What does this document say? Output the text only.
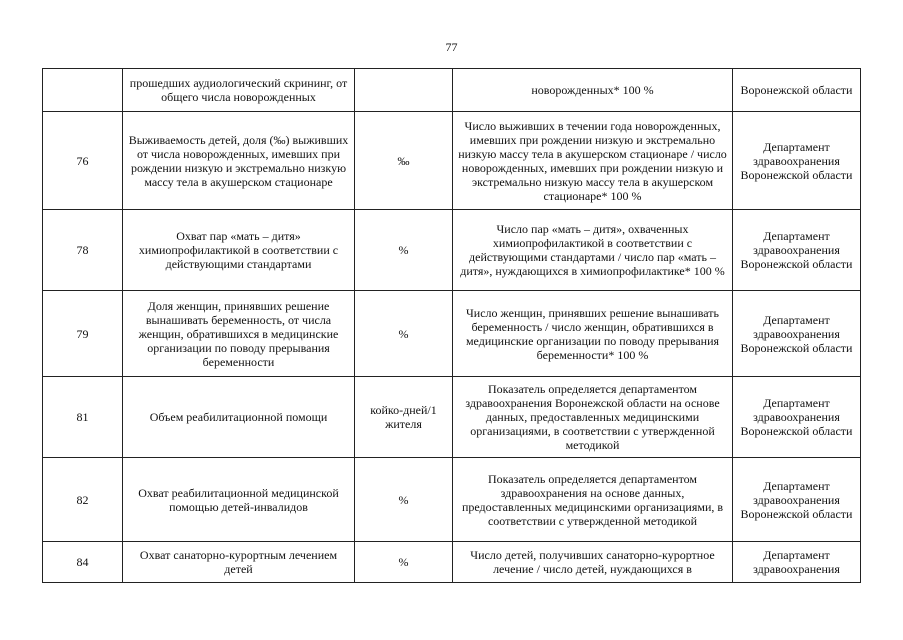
77
	прошедших аудиологический скрининг, от общего числа новорожденных		новорожденных* 100 %	Воронежской области
76	Выживаемость детей, доля (‰) выживших от числа новорожденных, имевших при рождении низкую и экстремально низкую массу тела в акушерском стационаре	‰	Число выживших в течении года новорожденных, имевших при рождении низкую и экстремально низкую массу тела в акушерском стационаре / число новорожденных, имевших при рождении низкую и экстремально низкую массу тела в акушерском стационаре* 100 %	Департамент здравоохранения Воронежской области
78	Охват пар «мать – дитя» химиопрофилактикой в соответствии с действующими стандартами	%	Число пар «мать – дитя», охваченных химиопрофилактикой в соответствии с действующими стандартами / число пар «мать – дитя», нуждающихся в химиопрофилактике* 100 %	Департамент здравоохранения Воронежской области
79	Доля женщин, принявших решение вынашивать беременность, от числа женщин, обратившихся в медицинские организации по поводу прерывания беременности	%	Число женщин, принявших решение вынашивать беременность / число женщин, обратившихся в медицинские организации по поводу прерывания беременности* 100 %	Департамент здравоохранения Воронежской области
81	Объем реабилитационной помощи	койко-дней/1 жителя	Показатель определяется департаментом здравоохранения Воронежской области на основе данных, предоставленных медицинскими организациями, в соответствии с утвержденной методикой	Департамент здравоохранения Воронежской области
82	Охват реабилитационной медицинской помощью детей-инвалидов	%	Показатель определяется департаментом здравоохранения на основе данных, предоставленных медицинскими организациями, в соответствии с утвержденной методикой	Департамент здравоохранения Воронежской области
84	Охват санаторно-курортным лечением детей	%	Число детей, получивших санаторно-курортное лечение / число детей, нуждающихся в	Департамент здравоохранения
